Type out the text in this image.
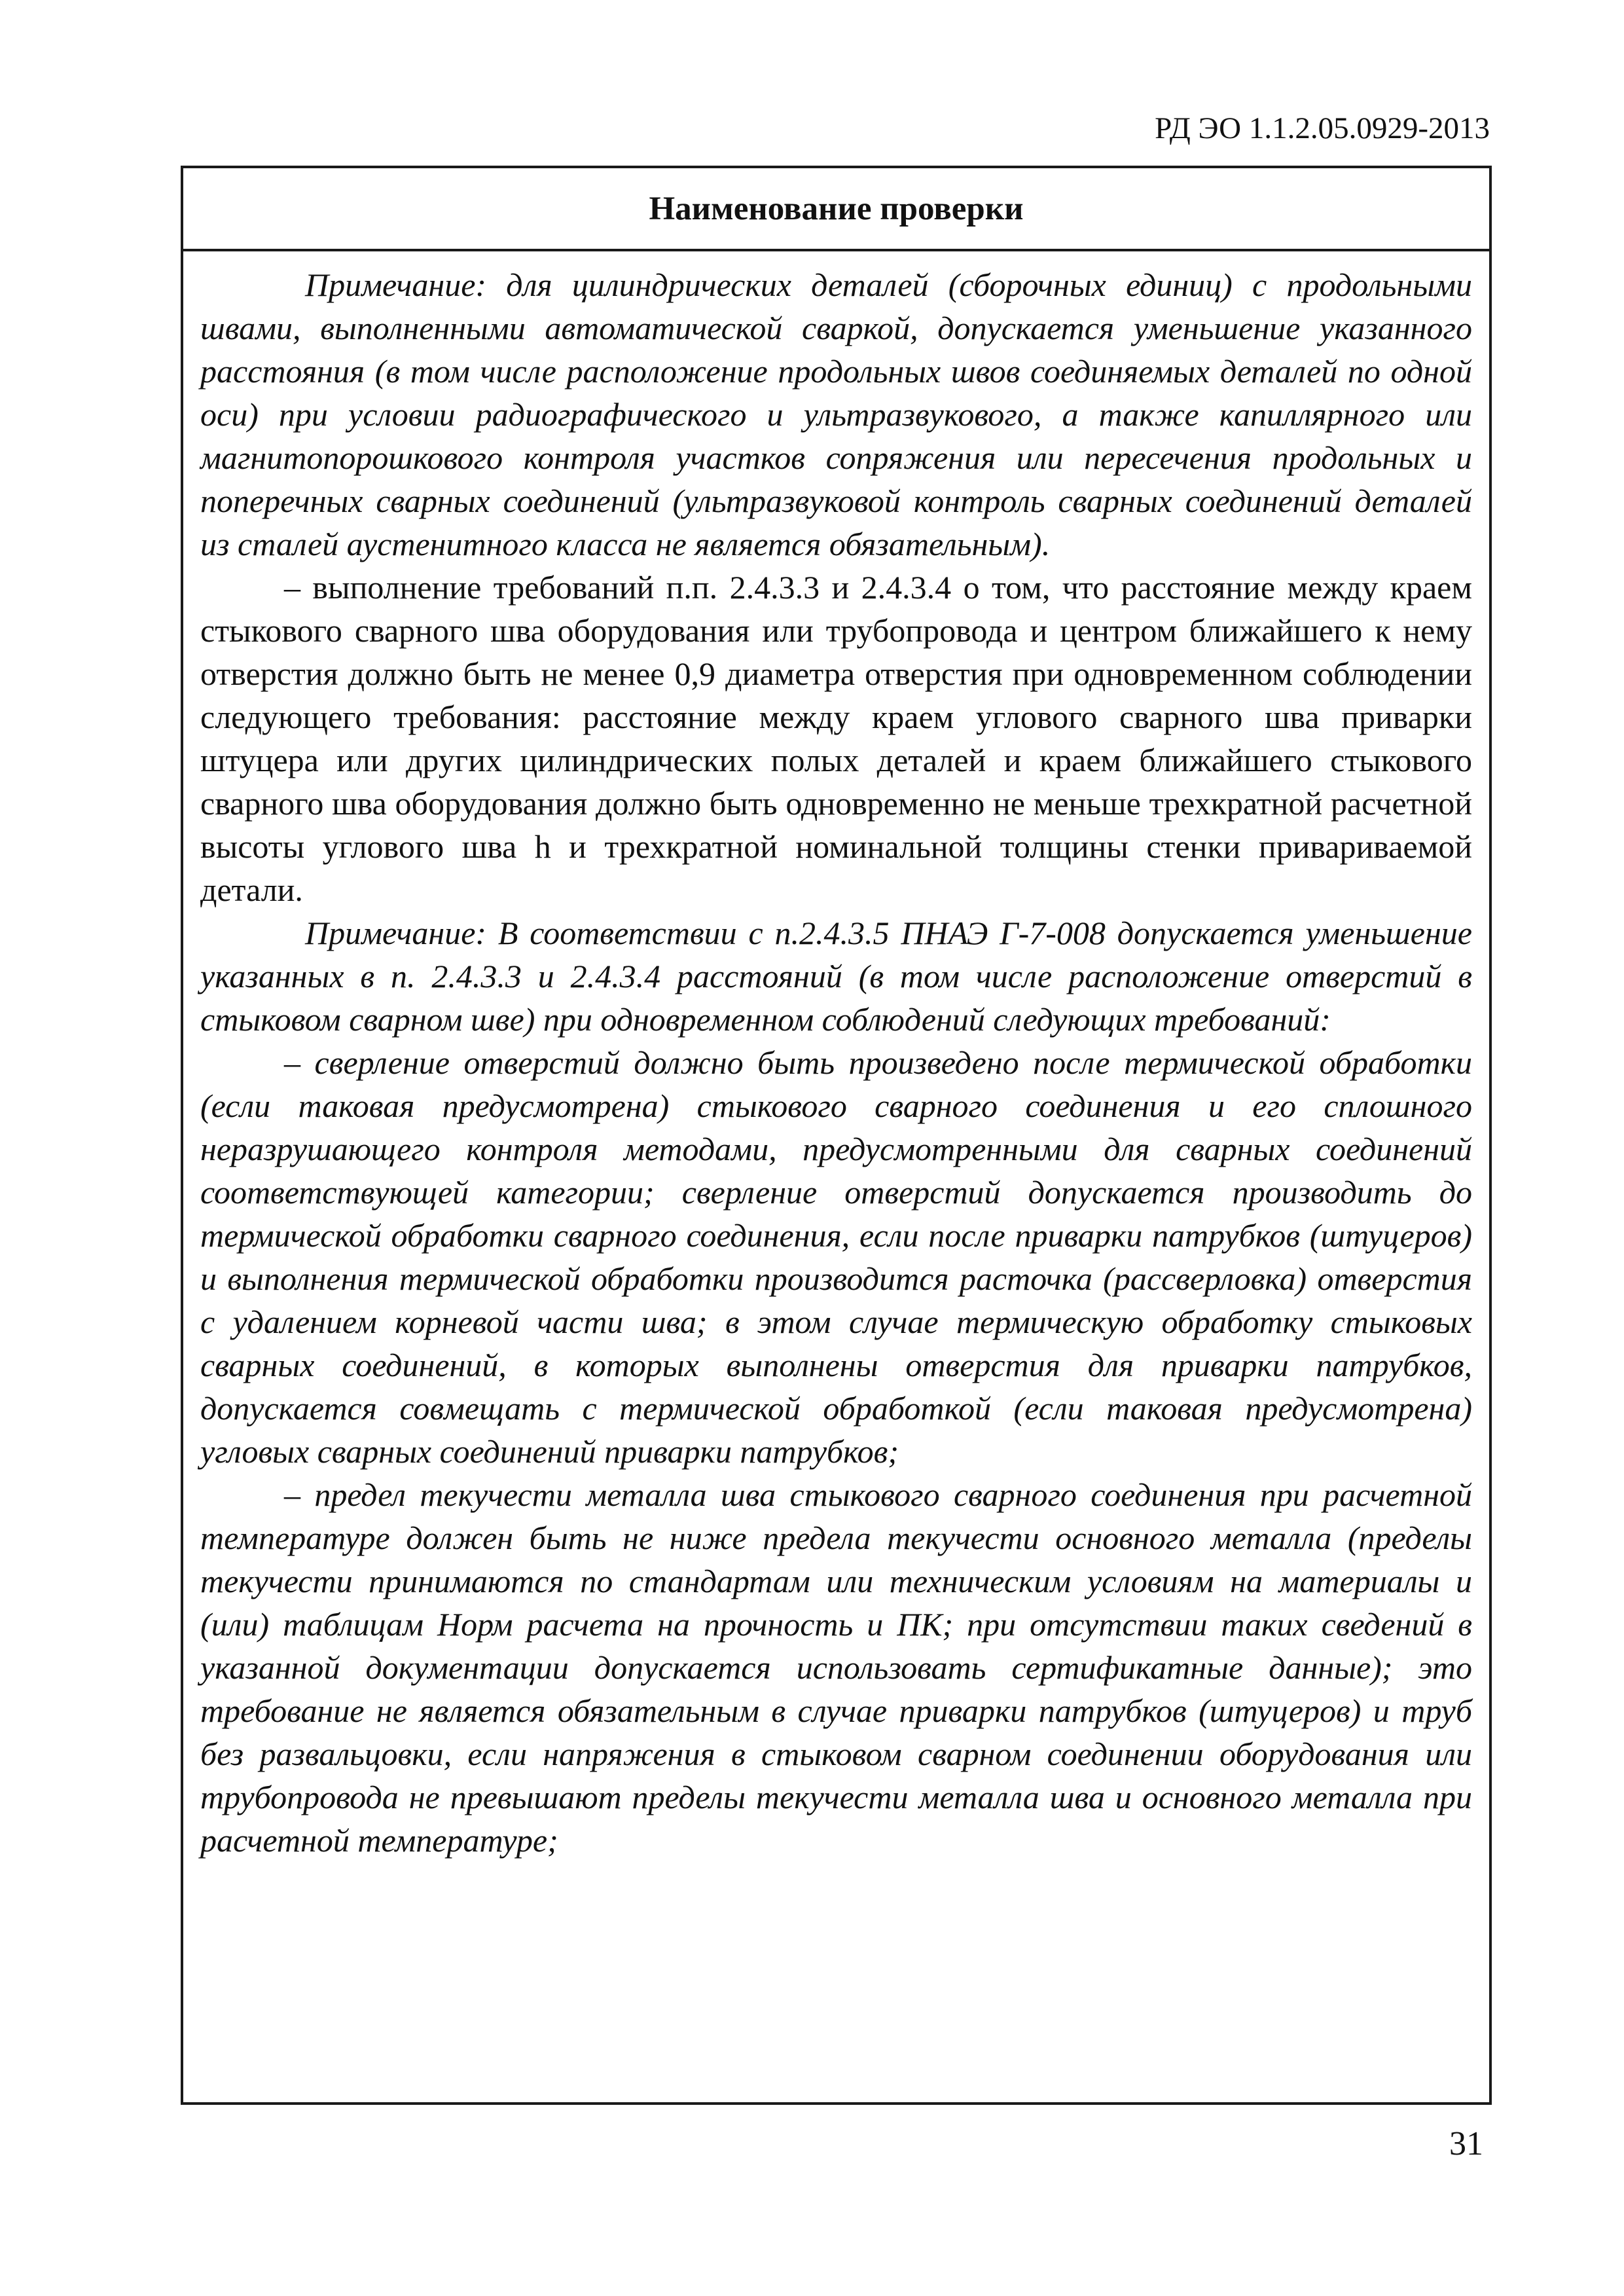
РД ЭО 1.1.2.05.0929-2013
Наименование проверки

Примечание: для цилиндрических деталей (сборочных единиц) с продольными швами, выполненными автоматической сваркой, допускается уменьшение указанного расстояния (в том числе расположение продольных швов соединяемых деталей по одной оси) при условии радиографического и ультразвукового, а также капиллярного или магнитопорошкового контроля участков сопряжения или пересечения продольных и поперечных сварных соединений (ультразвуковой контроль сварных соединений деталей из сталей аустенитного класса не является обязательным).

– выполнение требований п.п. 2.4.3.3 и 2.4.3.4 о том, что расстояние между краем стыкового сварного шва оборудования или трубопровода и центром ближайшего к нему отверстия должно быть не менее 0,9 диаметра отверстия при одновременном соблюдении следующего требования: расстояние между краем углового сварного шва приварки штуцера или других цилиндрических полых деталей и краем ближайшего стыкового сварного шва оборудования должно быть одновременно не меньше трехкратной расчетной высоты углового шва h и трехкратной номинальной толщины стенки привариваемой детали.

Примечание: В соответствии с п.2.4.3.5 ПНАЭ Г-7-008 допускается уменьшение указанных в п. 2.4.3.3 и 2.4.3.4 расстояний (в том числе расположение отверстий в стыковом сварном шве) при одновременном соблюдений следующих требований:

– сверление отверстий должно быть произведено после термической обработки (если таковая предусмотрена) стыкового сварного соединения и его сплошного неразрушающего контроля методами, предусмотренными для сварных соединений соответствующей категории; сверление отверстий допускается производить до термической обработки сварного соединения, если после приварки патрубков (штуцеров) и выполнения термической обработки производится расточка (рассверловка) отверстия с удалением корневой части шва; в этом случае термическую обработку стыковых сварных соединений, в которых выполнены отверстия для приварки патрубков, допускается совмещать с термической обработкой (если таковая предусмотрена) угловых сварных соединений приварки патрубков;

– предел текучести металла шва стыкового сварного соединения при расчетной температуре должен быть не ниже предела текучести основного металла (пределы текучести принимаются по стандартам или техническим условиям на материалы и (или) таблицам Норм расчета на прочность и ПК; при отсутствии таких сведений в указанной документации допускается использовать сертификатные данные); это требование не является обязательным в случае приварки патрубков (штуцеров) и труб без развальцовки, если напряжения в стыковом сварном соединении оборудования или трубопровода не превышают пределы текучести металла шва и основного металла при расчетной температуре;

31
